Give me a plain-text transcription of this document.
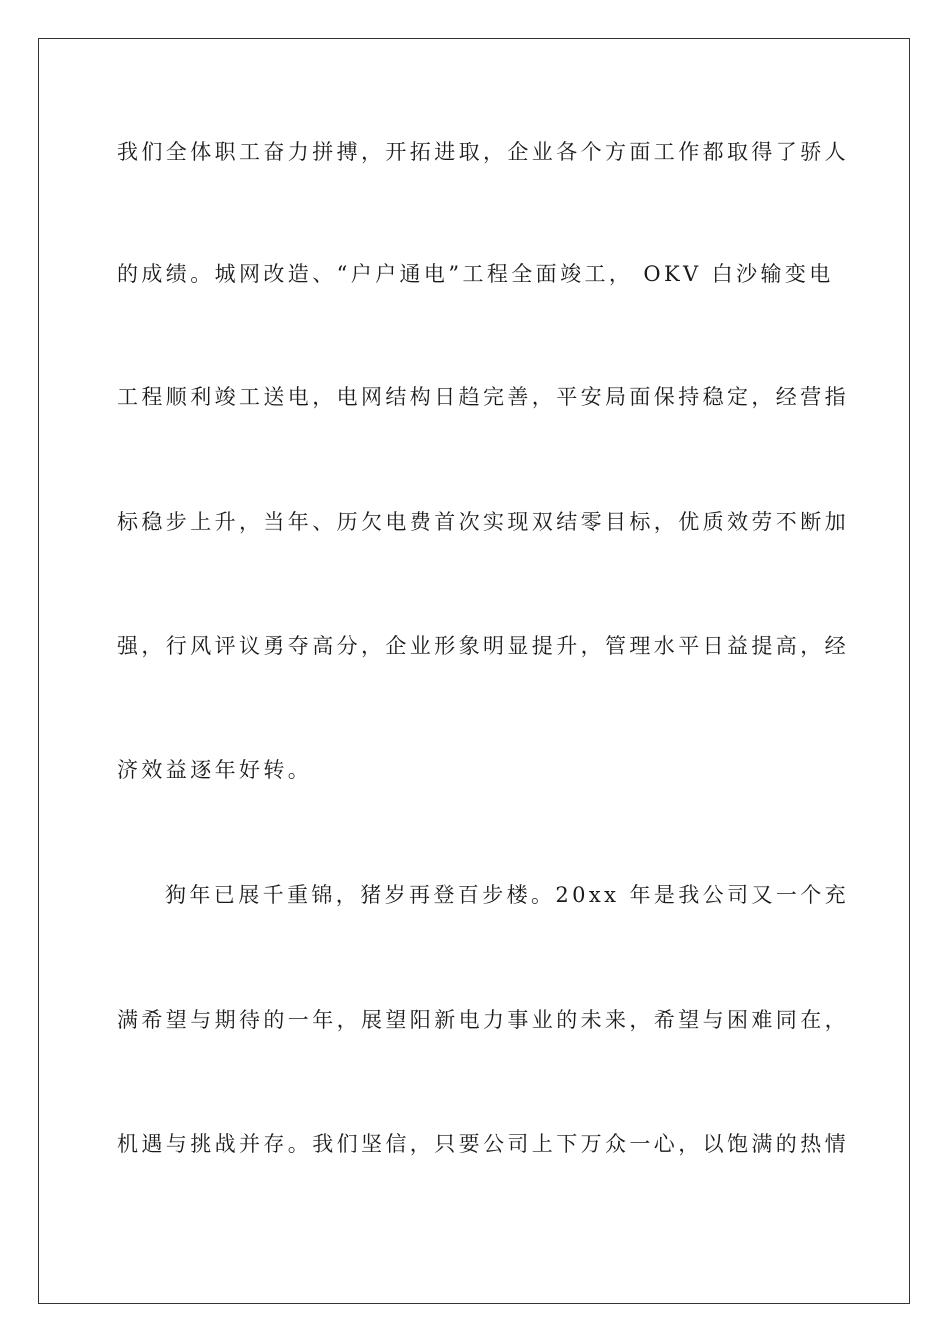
我们全体职工奋力拼搏，开拓进取，企业各个方面工作都取得了骄人
的成绩。城网改造、“户户通电”工程全面竣工， OKV 白沙输变电
工程顺利竣工送电，电网结构日趋完善，平安局面保持稳定，经营指
标稳步上升，当年、历欠电费首次实现双结零目标，优质效劳不断加
强，行风评议勇夺高分，企业形象明显提升，管理水平日益提高，经
济效益逐年好转。
狗年已展千重锦，猪岁再登百步楼。20xx 年是我公司又一个充
满希望与期待的一年，展望阳新电力事业的未来，希望与困难同在，
机遇与挑战并存。我们坚信，只要公司上下万众一心，以饱满的热情
